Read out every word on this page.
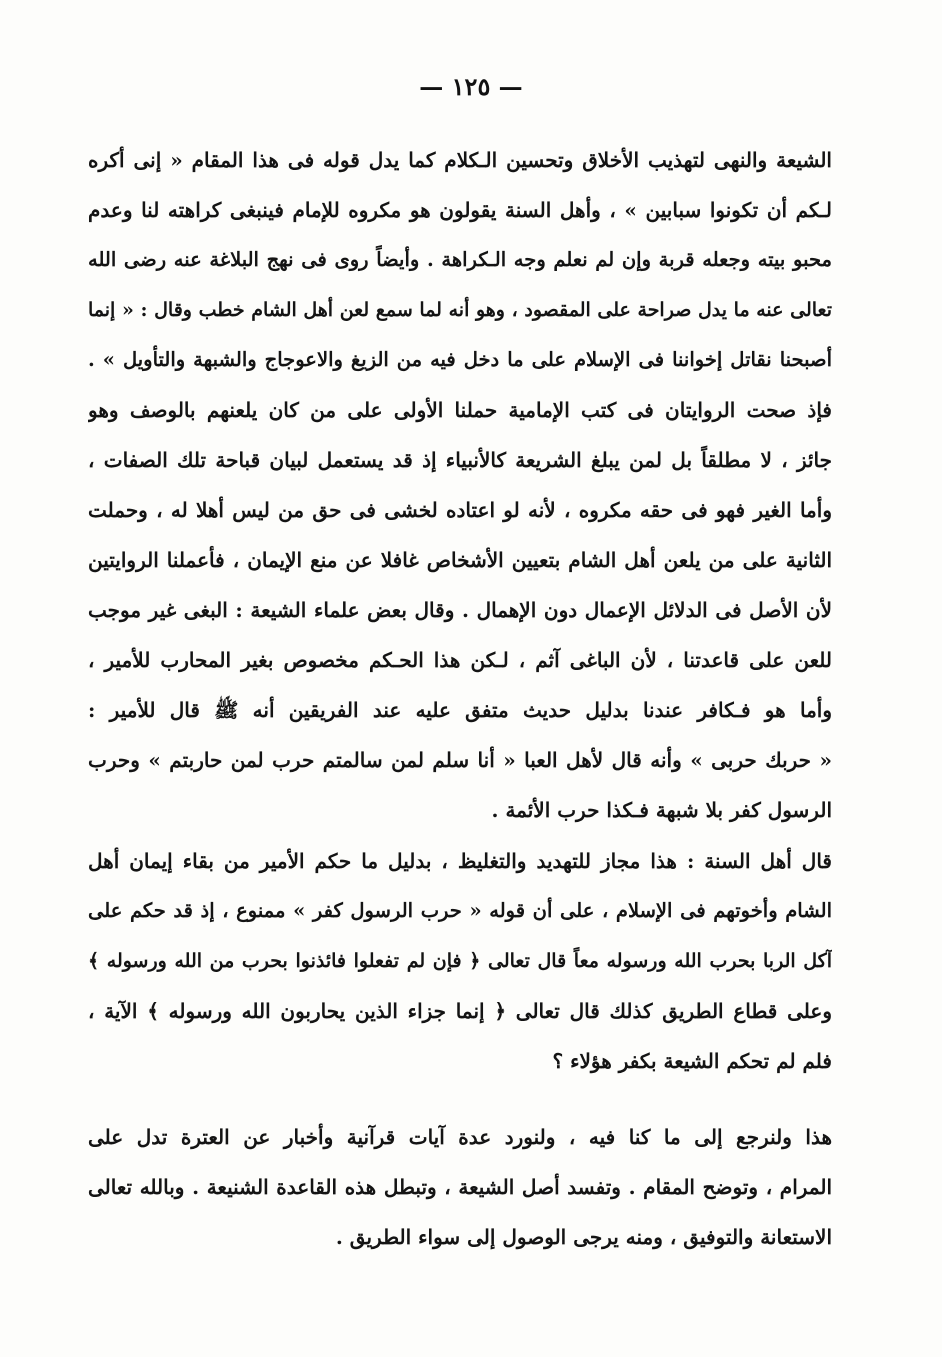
— ١٢٥ —
الشيعة والنهى لتهذيب الأخلاق وتحسين الـكلام كما يدل قوله فى هذا المقام « إنى أكره
لـكم أن تكونوا سبابين » ، وأهل السنة يقولون هو مكروه للإمام فينبغى كراهته لنا وعدم
محبو بيته وجعله قربة وإن لم نعلم وجه الـكراهة . وأيضاً روى فى نهج البلاغة عنه رضى الله
تعالى عنه ما يدل صراحة على المقصود ، وهو أنه لما سمع لعن أهل الشام خطب وقال : « إنما
أصبحنا نقاتل إخواننا فى الإسلام على ما دخل فيه من الزيغ والاعوجاج والشبهة والتأويل » .
فإذ صحت الروايتان فى كتب الإمامية حملنا الأولى على من كان يلعنهم بالوصف وهو
جائز ، لا مطلقاً بل لمن يبلغ الشريعة كالأنبياء إذ قد يستعمل لبيان قباحة تلك الصفات ،
وأما الغير فهو فى حقه مكروه ، لأنه لو اعتاده لخشى فى حق من ليس أهلا له ، وحملت
الثانية على من يلعن أهل الشام بتعيين الأشخاص غافلا عن منع الإيمان ، فأعملنا الروايتين
لأن الأصل فى الدلائل الإعمال دون الإهمال . وقال بعض علماء الشيعة : البغى غير موجب
للعن على قاعدتنا ، لأن الباغى آثم ، لـكن هذا الحـكم مخصوص بغير المحارب للأمير ،
وأما هو فـكافر عندنا بدليل حديث متفق عليه عند الفريقين أنه ﷺ قال للأمير :
« حربك حربى » وأنه قال لأهل العبا « أنا سلم لمن سالمتم حرب لمن حاربتم » وحرب
الرسول كفر بلا شبهة فـكذا حرب الأئمة .
قال أهل السنة : هذا مجاز للتهديد والتغليظ ، بدليل ما حكم الأمير من بقاء إيمان أهل
الشام وأخوتهم فى الإسلام ، على أن قوله « حرب الرسول كفر » ممنوع ، إذ قد حكم على
آكل الربا بحرب الله ورسوله معاً قال تعالى ﴿ فإن لم تفعلوا فائذنوا بحرب من الله ورسوله ﴾
وعلى قطاع الطريق كذلك قال تعالى ﴿ إنما جزاء الذين يحاربون الله ورسوله ﴾ الآية ،
فلم لم تحكم الشيعة بكفر هؤلاء ؟
هذا ولنرجع إلى ما كنا فيه ، ولنورد عدة آيات قرآنية وأخبار عن العترة تدل على
المرام ، وتوضح المقام . وتفسد أصل الشيعة ، وتبطل هذه القاعدة الشنيعة . وبالله تعالى
الاستعانة والتوفيق ، ومنه يرجى الوصول إلى سواء الطريق .
